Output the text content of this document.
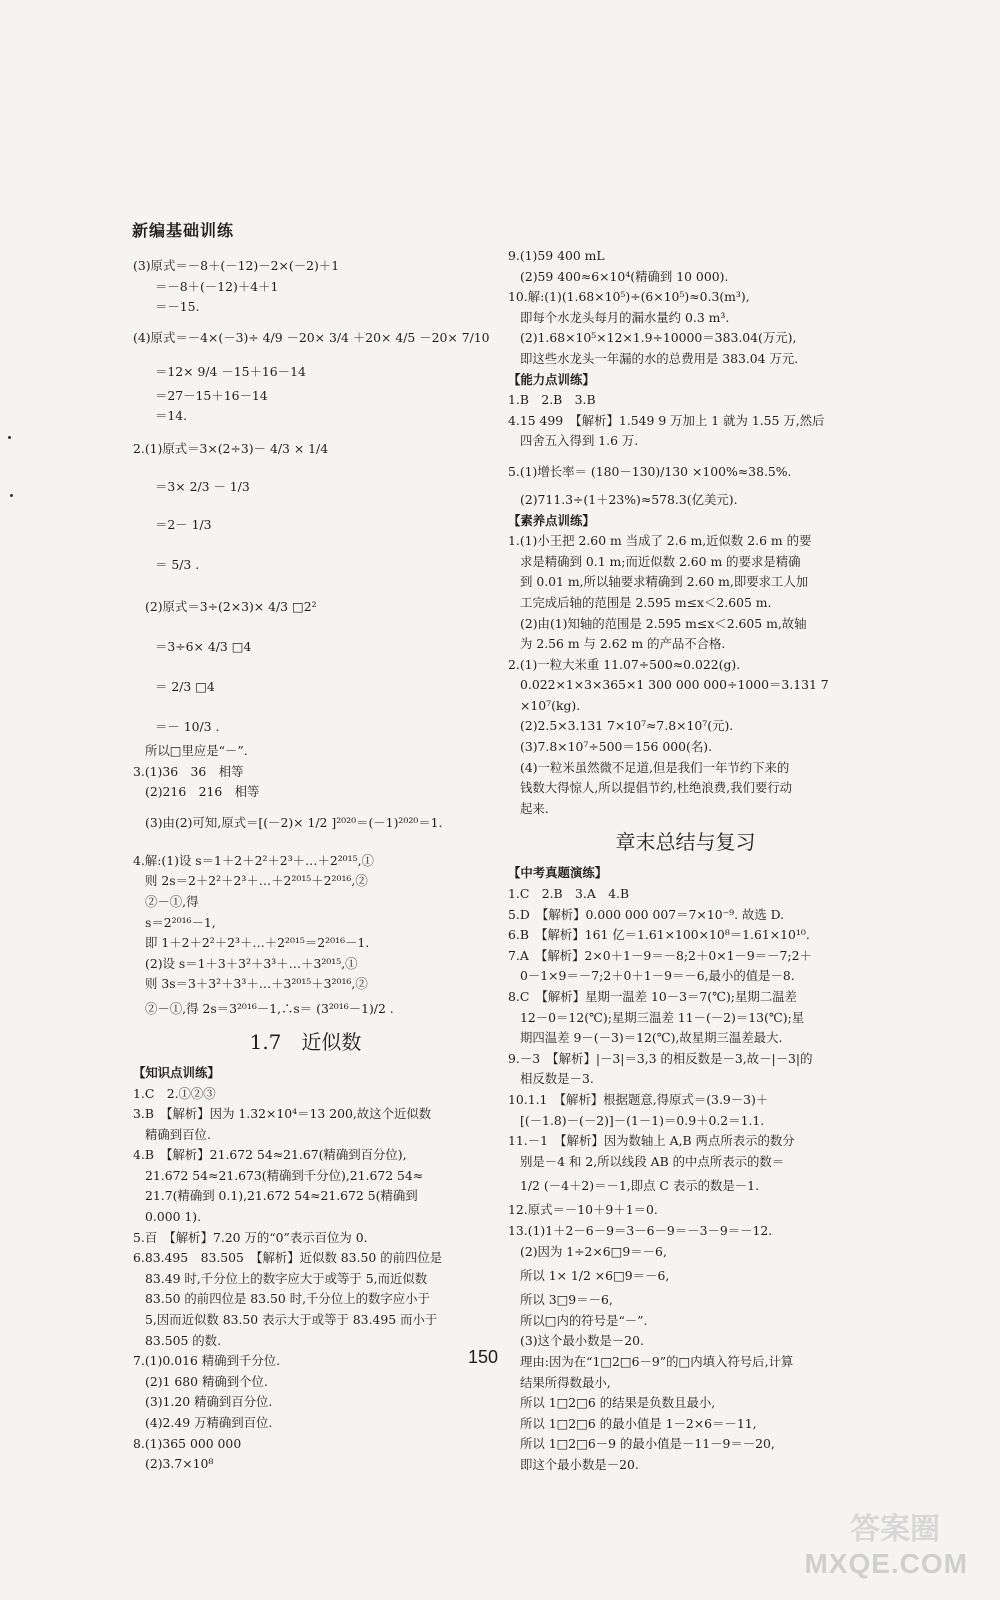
新编基础训练
(3)原式＝－8＋(－12)－2×(－2)＋1
＝－8＋(－12)＋4＋1
＝－15.
(4)原式＝－4×(－3)÷ 4/9 －20× 3/4 ＋20× 4/5 －20× 7/10
＝12× 9/4 －15＋16－14
＝27－15＋16－14
＝14.
2.(1)原式＝3×(2÷3)－ 4/3 × 1/4
＝3× 2/3 － 1/3
＝2－ 1/3
＝ 5/3 .
(2)原式＝3÷(2×3)× 4/3 □2²
＝3÷6× 4/3 □4
＝ 2/3 □4
＝－ 10/3 .
所以□里应是“－”.
3.(1)36　36　相等
(2)216　216　相等
(3)由(2)可知,原式＝[(－2)× 1/2 ]²⁰²⁰＝(－1)²⁰²⁰＝1.
4.解:(1)设 s＝1＋2＋2²＋2³＋…＋2²⁰¹⁵,①
则 2s＝2＋2²＋2³＋…＋2²⁰¹⁵＋2²⁰¹⁶,②
②－①,得
s＝2²⁰¹⁶－1,
即 1＋2＋2²＋2³＋…＋2²⁰¹⁵＝2²⁰¹⁶－1.
(2)设 s＝1＋3＋3²＋3³＋…＋3²⁰¹⁵,①
则 3s＝3＋3²＋3³＋…＋3²⁰¹⁵＋3²⁰¹⁶,②
②－①,得 2s＝3²⁰¹⁶－1,∴s＝ (3²⁰¹⁶－1)/2 .
1.7　近似数
【知识点训练】
1.C　2.①②③
3.B　【解析】因为 1.32×10⁴＝13 200,故这个近似数
精确到百位.
4.B　【解析】21.672 54≈21.67(精确到百分位),
21.672 54≈21.673(精确到千分位),21.672 54≈
21.7(精确到 0.1),21.672 54≈21.672 5(精确到
0.000 1).
5.百　【解析】7.20 万的“0”表示百位为 0.
6.83.495　83.505　【解析】近似数 83.50 的前四位是
83.49 时,千分位上的数字应大于或等于 5,而近似数
83.50 的前四位是 83.50 时,千分位上的数字应小于
5,因而近似数 83.50 表示大于或等于 83.495 而小于
83.505 的数.
7.(1)0.016 精确到千分位.
(2)1 680 精确到个位.
(3)1.20 精确到百分位.
(4)2.49 万精确到百位.
8.(1)365 000 000
(2)3.7×10⁸
9.(1)59 400 mL
(2)59 400≈6×10⁴(精确到 10 000).
10.解:(1)(1.68×10⁵)÷(6×10⁵)≈0.3(m³),
即每个水龙头每月的漏水量约 0.3 m³.
(2)1.68×10⁵×12×1.9÷10000＝383.04(万元),
即这些水龙头一年漏的水的总费用是 383.04 万元.
【能力点训练】
1.B　2.B　3.B
4.15 499　【解析】1.549 9 万加上 1 就为 1.55 万,然后
四舍五入得到 1.6 万.
5.(1)增长率＝ (180－130)/130 ×100%≈38.5%.
(2)711.3÷(1＋23%)≈578.3(亿美元).
【素养点训练】
1.(1)小王把 2.60 m 当成了 2.6 m,近似数 2.6 m 的要
求是精确到 0.1 m;而近似数 2.60 m 的要求是精确
到 0.01 m,所以轴要求精确到 2.60 m,即要求工人加
工完成后轴的范围是 2.595 m≤x＜2.605 m.
(2)由(1)知轴的范围是 2.595 m≤x＜2.605 m,故轴
为 2.56 m 与 2.62 m 的产品不合格.
2.(1)一粒大米重 11.07÷500≈0.022(g).
0.022×1×3×365×1 300 000 000÷1000＝3.131 7
×10⁷(kg).
(2)2.5×3.131 7×10⁷≈7.8×10⁷(元).
(3)7.8×10⁷÷500＝156 000(名).
(4)一粒米虽然微不足道,但是我们一年节约下来的
钱数大得惊人,所以提倡节约,杜绝浪费,我们要行动
起来.
章末总结与复习
【中考真题演练】
1.C　2.B　3.A　4.B
5.D　【解析】0.000 000 007＝7×10⁻⁹. 故选 D.
6.B　【解析】161 亿＝1.61×100×10⁸＝1.61×10¹⁰.
7.A　【解析】2×0＋1－9＝－8;2＋0×1－9＝－7;2＋
0－1×9＝－7;2＋0＋1－9＝－6,最小的值是－8.
8.C　【解析】星期一温差 10－3＝7(℃);星期二温差
12－0＝12(℃);星期三温差 11－(－2)＝13(℃);星
期四温差 9－(－3)＝12(℃),故星期三温差最大.
9.－3　【解析】|－3|＝3,3 的相反数是－3,故－|－3|的
相反数是－3.
10.1.1　【解析】根据题意,得原式＝(3.9－3)＋
[(－1.8)－(－2)]－(1－1)＝0.9＋0.2＝1.1.
11.－1　【解析】因为数轴上 A,B 两点所表示的数分
别是－4 和 2,所以线段 AB 的中点所表示的数＝
1/2 (－4＋2)＝－1,即点 C 表示的数是－1.
12.原式＝－10＋9＋1＝0.
13.(1)1＋2－6－9＝3－6－9＝－3－9＝－12.
(2)因为 1÷2×6□9＝－6,
所以 1× 1/2 ×6□9＝－6,
所以 3□9＝－6,
所以□内的符号是“－”.
(3)这个最小数是－20.
理由:因为在“1□2□6－9”的□内填入符号后,计算
结果所得数最小,
所以 1□2□6 的结果是负数且最小,
所以 1□2□6 的最小值是 1－2×6＝－11,
所以 1□2□6－9 的最小值是－11－9＝－20,
即这个最小数是－20.
150
答案圈
MXQE.COM
